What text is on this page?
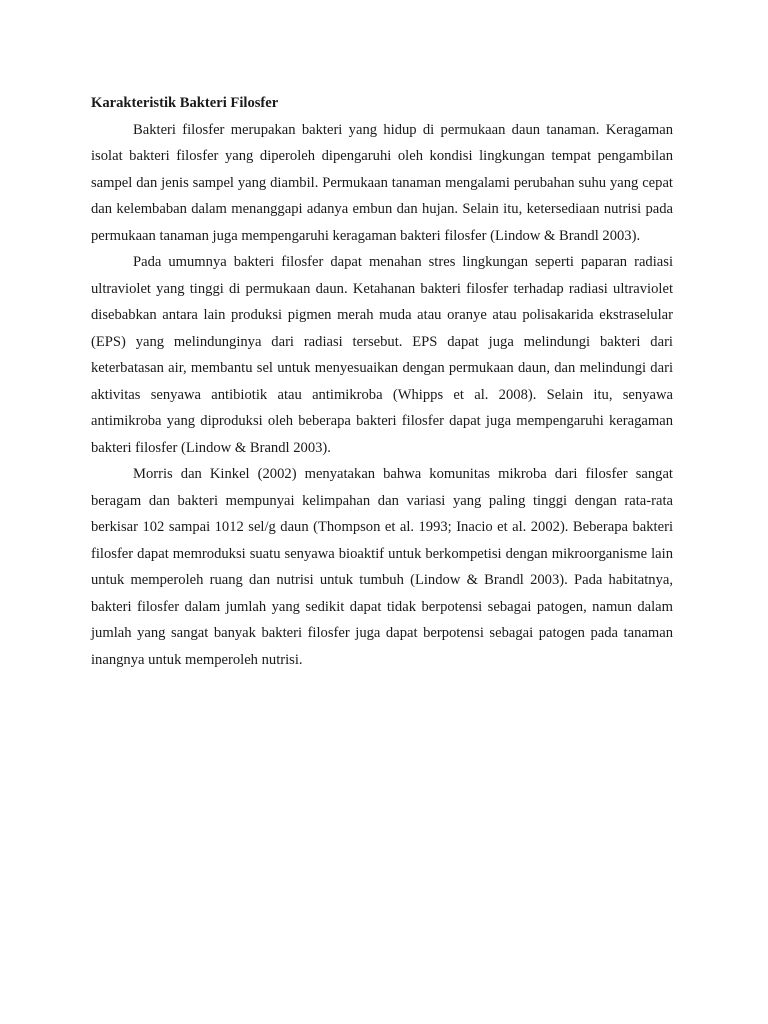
Karakteristik Bakteri Filosfer

Bakteri filosfer merupakan bakteri yang hidup di permukaan daun tanaman. Keragaman isolat bakteri filosfer yang diperoleh dipengaruhi oleh kondisi lingkungan tempat pengambilan sampel dan jenis sampel yang diambil. Permukaan tanaman mengalami perubahan suhu yang cepat dan kelembaban dalam menanggapi adanya embun dan hujan. Selain itu, ketersediaan nutrisi pada permukaan tanaman juga mempengaruhi keragaman bakteri filosfer (Lindow & Brandl 2003).

Pada umumnya bakteri filosfer dapat menahan stres lingkungan seperti paparan radiasi ultraviolet yang tinggi di permukaan daun. Ketahanan bakteri filosfer terhadap radiasi ultraviolet disebabkan antara lain produksi pigmen merah muda atau oranye atau polisakarida ekstraselular (EPS) yang melindunginya dari radiasi tersebut. EPS dapat juga melindungi bakteri dari keterbatasan air, membantu sel untuk menyesuaikan dengan permukaan daun, dan melindungi dari aktivitas senyawa antibiotik atau antimikroba (Whipps et al. 2008). Selain itu, senyawa antimikroba yang diproduksi oleh beberapa bakteri filosfer dapat juga mempengaruhi keragaman bakteri filosfer (Lindow & Brandl 2003).

Morris dan Kinkel (2002) menyatakan bahwa komunitas mikroba dari filosfer sangat beragam dan bakteri mempunyai kelimpahan dan variasi yang paling tinggi dengan rata-rata berkisar 102 sampai 1012 sel/g daun (Thompson et al. 1993; Inacio et al. 2002). Beberapa bakteri filosfer dapat memroduksi suatu senyawa bioaktif untuk berkompetisi dengan mikroorganisme lain untuk memperoleh ruang dan nutrisi untuk tumbuh (Lindow & Brandl 2003). Pada habitatnya, bakteri filosfer dalam jumlah yang sedikit dapat tidak berpotensi sebagai patogen, namun dalam jumlah yang sangat banyak bakteri filosfer juga dapat berpotensi sebagai patogen pada tanaman inangnya untuk memperoleh nutrisi.
